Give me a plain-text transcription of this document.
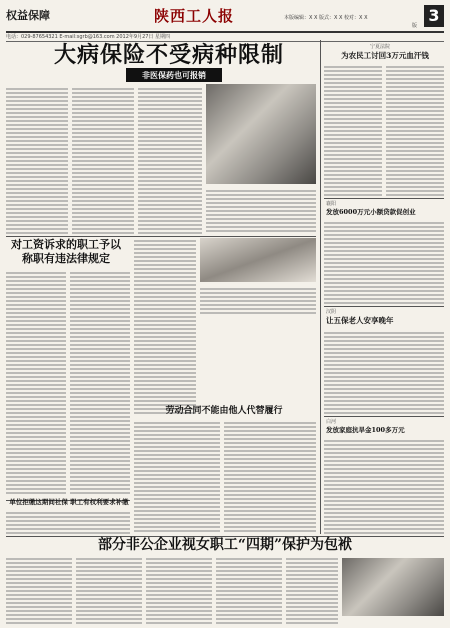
权益保障	陕西工人报	本版编辑：X X 版式：X X 校对：X X	3
版
电话：029-87654321 E-mail:sgrb@163.com 2012年9月27日 星期四
大病保险不受病种限制
非医保药也可报销
对工资诉求的职工予以称职有违法律规定
单位拒缴这期间社保 职工有权利要求补缴
劳动合同不能由他人代替履行
部分非公企业视女职工“四期”保护为包袱
宁夏法院
为农民工讨回3万元血汗钱
襄阳
发放6000万元小额贷款促创业
汉阴
让五保老人安享晚年
白河
发放家庭抗旱金100多万元
